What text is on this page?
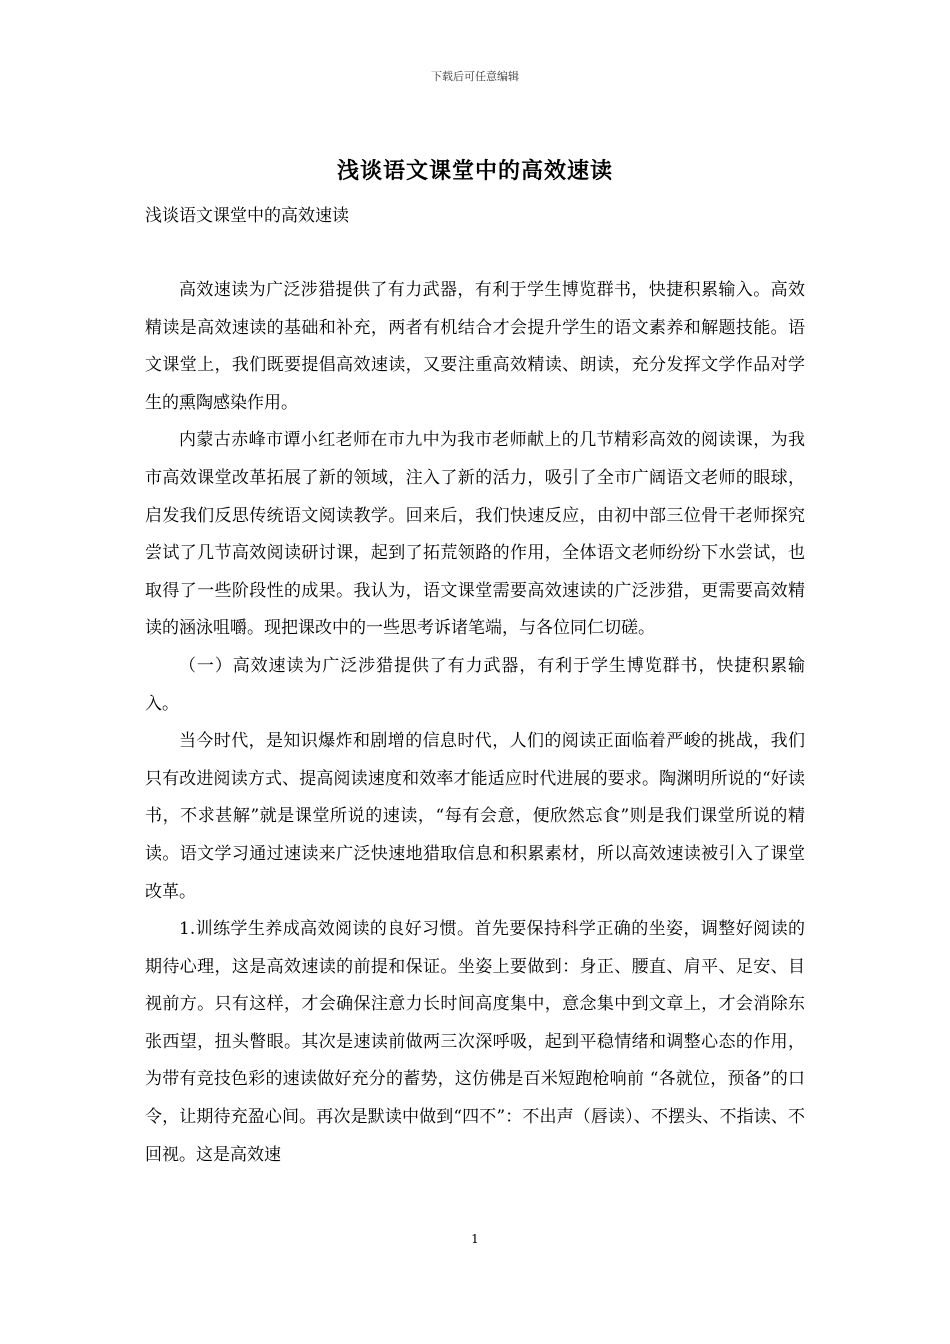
下载后可任意编辑
浅谈语文课堂中的高效速读
浅谈语文课堂中的高效速读

高效速读为广泛涉猎提供了有力武器，有利于学生博览群书，快捷积累输入。高效精读是高效速读的基础和补充，两者有机结合才会提升学生的语文素养和解题技能。语文课堂上，我们既要提倡高效速读，又要注重高效精读、朗读，充分发挥文学作品对学生的熏陶感染作用。

内蒙古赤峰市谭小红老师在市九中为我市老师献上的几节精彩高效的阅读课，为我市高效课堂改革拓展了新的领域，注入了新的活力，吸引了全市广阔语文老师的眼球，启发我们反思传统语文阅读教学。回来后，我们快速反应，由初中部三位骨干老师探究尝试了几节高效阅读研讨课，起到了拓荒领路的作用，全体语文老师纷纷下水尝试，也取得了一些阶段性的成果。我认为，语文课堂需要高效速读的广泛涉猎，更需要高效精读的涵泳咀嚼。现把课改中的一些思考诉诸笔端，与各位同仁切磋。

（一）高效速读为广泛涉猎提供了有力武器，有利于学生博览群书，快捷积累输入。

当今时代，是知识爆炸和剧增的信息时代，人们的阅读正面临着严峻的挑战，我们只有改进阅读方式、提高阅读速度和效率才能适应时代进展的要求。陶渊明所说的“好读书，不求甚解”就是课堂所说的速读，“每有会意，便欣然忘食”则是我们课堂所说的精读。语文学习通过速读来广泛快速地猎取信息和积累素材，所以高效速读被引入了课堂改革。

1.训练学生养成高效阅读的良好习惯。首先要保持科学正确的坐姿，调整好阅读的期待心理，这是高效速读的前提和保证。坐姿上要做到：身正、腰直、肩平、足安、目视前方。只有这样，才会确保注意力长时间高度集中，意念集中到文章上，才会消除东张西望，扭头瞥眼。其次是速读前做两三次深呼吸，起到平稳情绪和调整心态的作用，为带有竞技色彩的速读做好充分的蓄势，这仿佛是百米短跑枪响前 “各就位，预备”的口令，让期待充盈心间。再次是默读中做到“四不”：不出声（唇读）、不摆头、不指读、不回视。这是高效速

1
